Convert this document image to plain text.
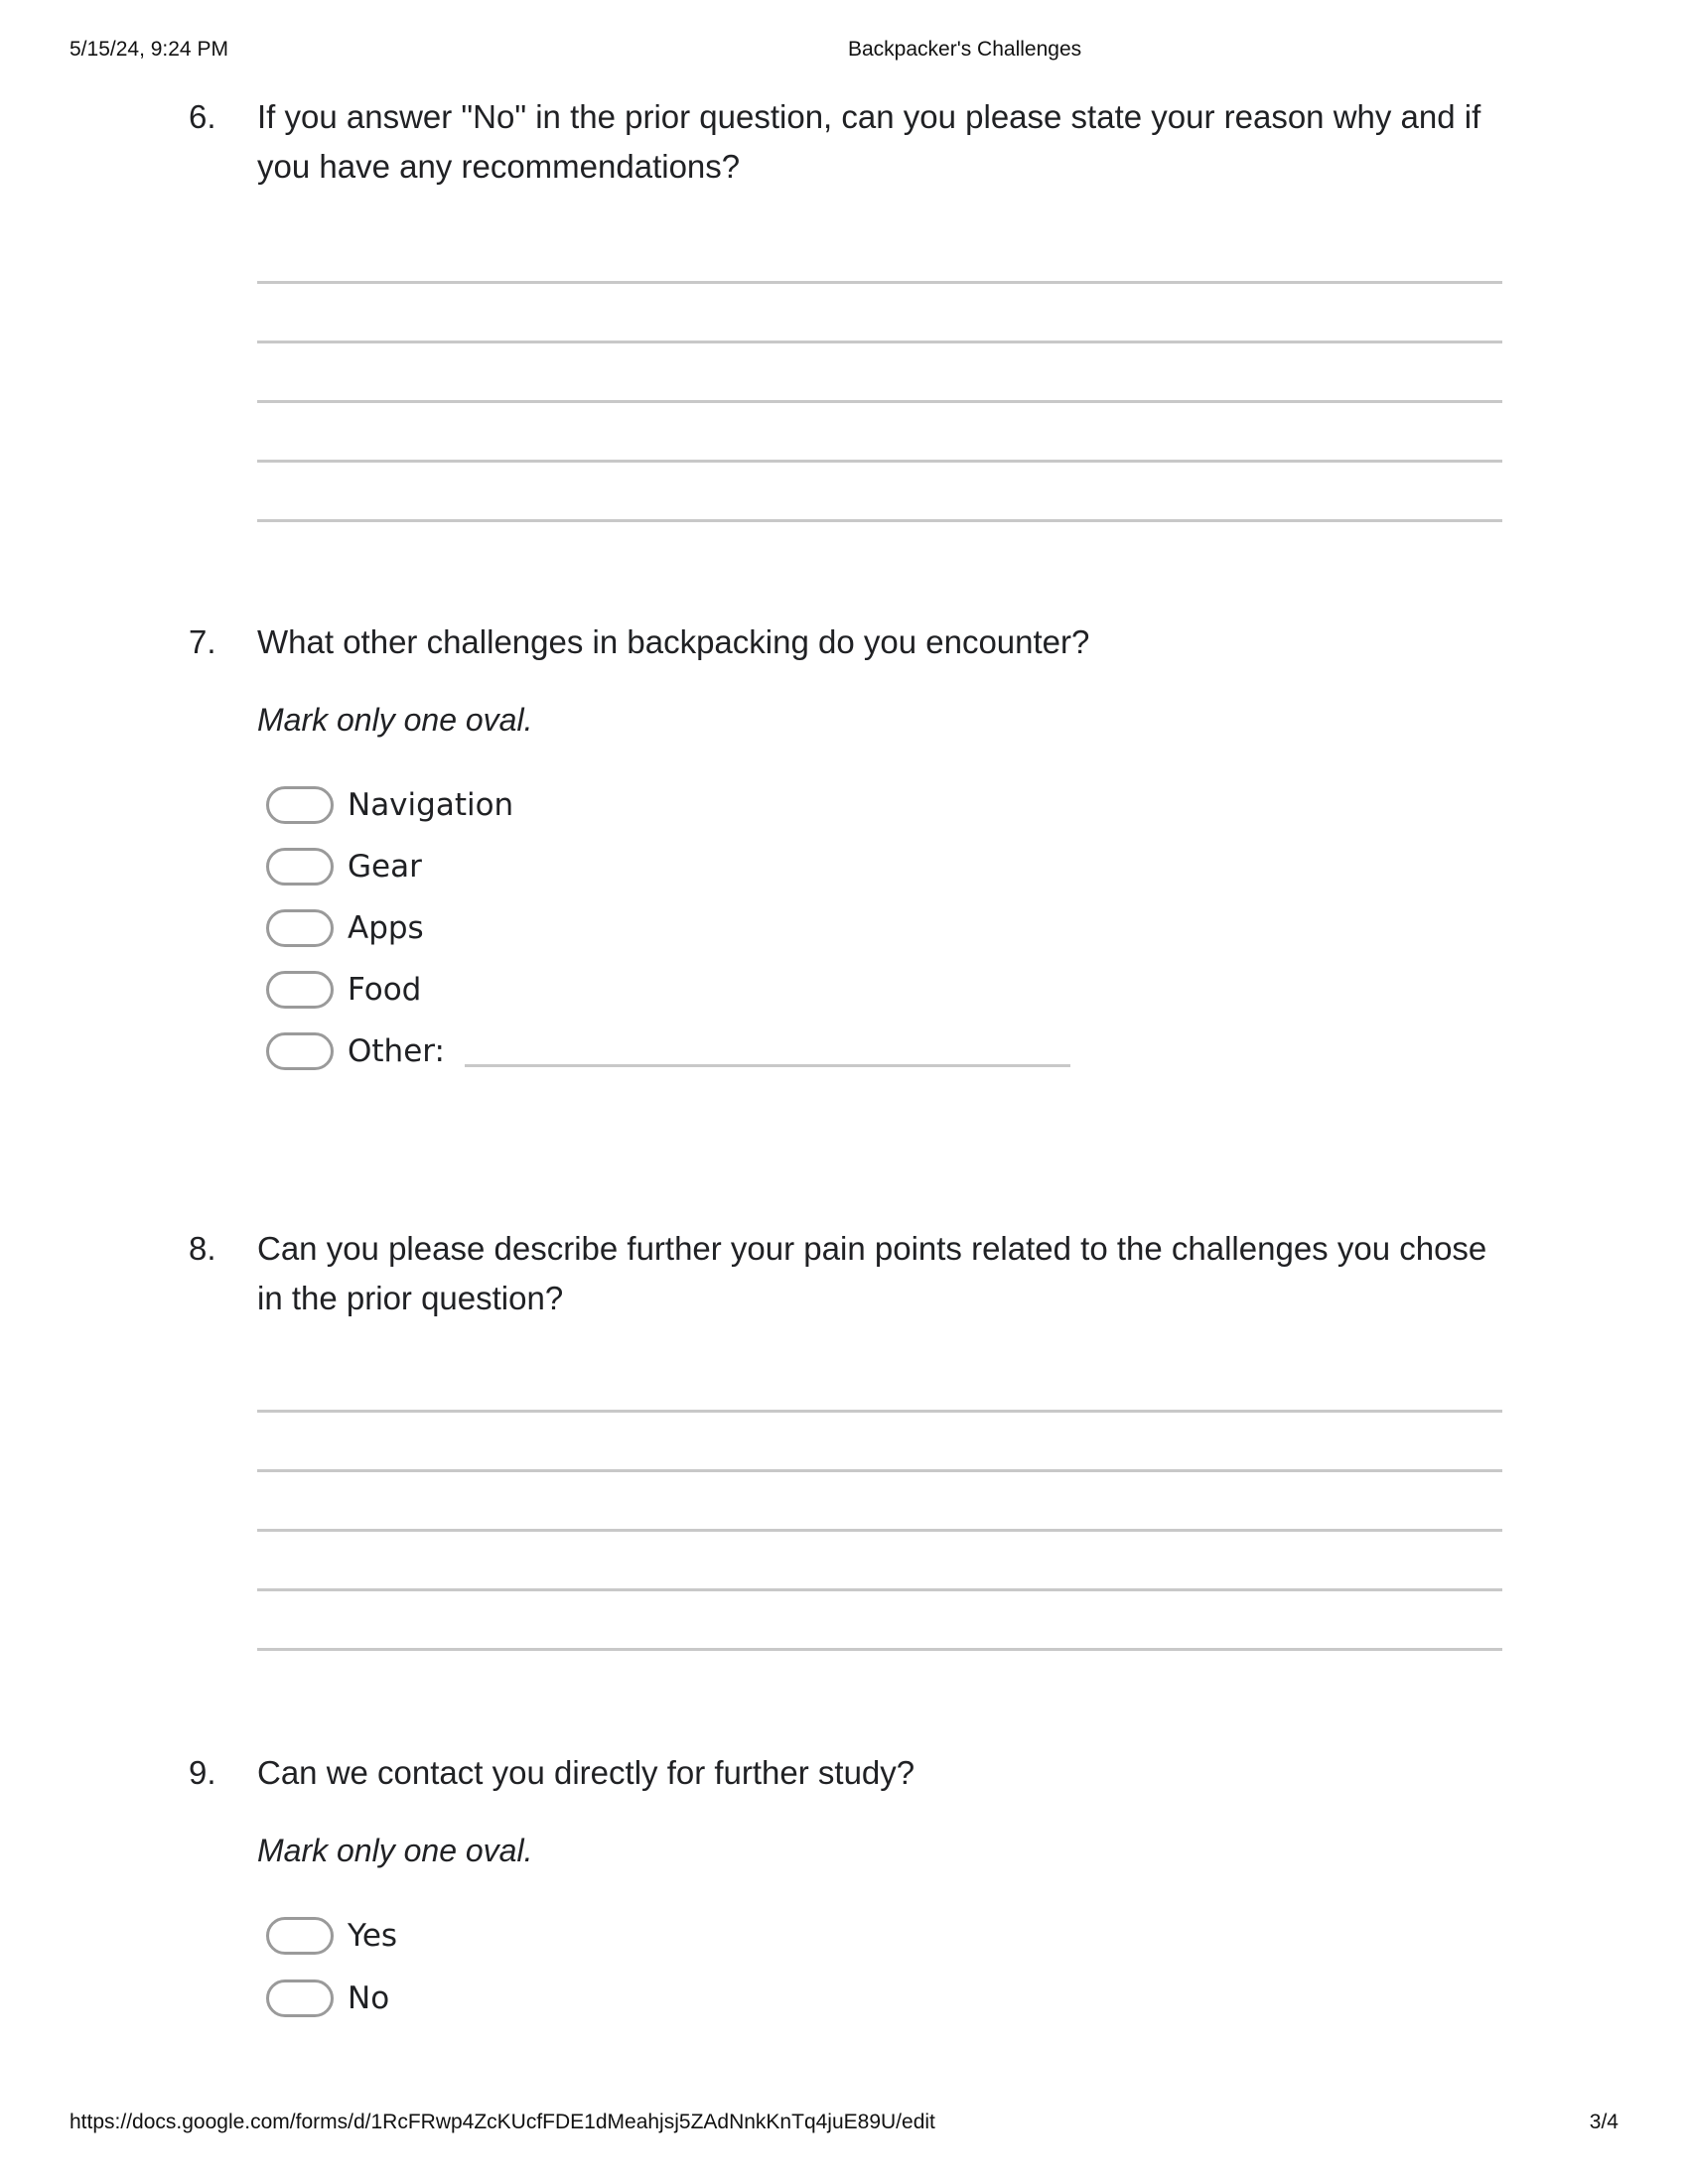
5/15/24, 9:24 PM	Backpacker's Challenges
6. If you answer "No" in the prior question, can you please state your reason why and if you have any recommendations?
7. What other challenges in backpacking do you encounter?
Mark only one oval.
Navigation
Gear
Apps
Food
Other:
8. Can you please describe further your pain points related to the challenges you chose in the prior question?
9. Can we contact you directly for further study?
Mark only one oval.
Yes
No
https://docs.google.com/forms/d/1RcFRwp4ZcKUcfFDE1dMeahjsj5ZAdNnkKnTq4juE89U/edit	3/4
